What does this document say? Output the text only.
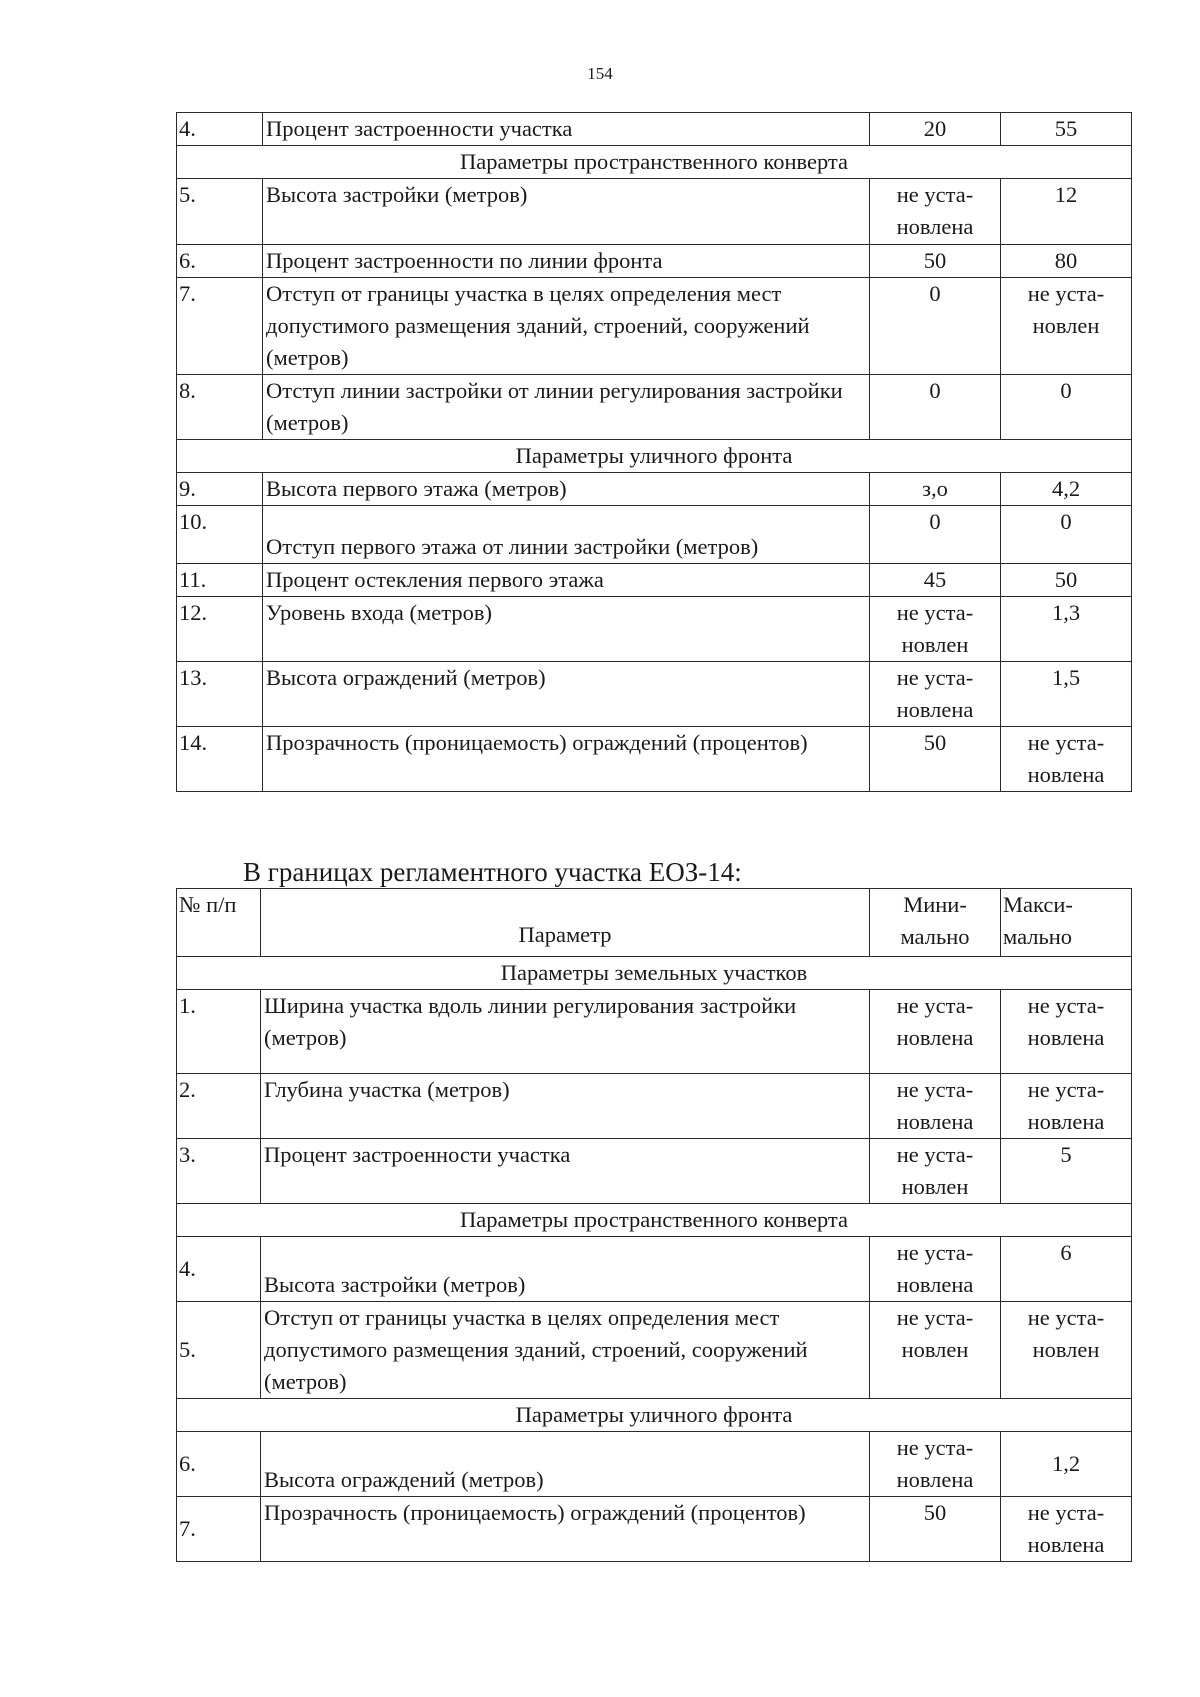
154
4.	Процент застроенности участка	20	55

Параметры пространственного конверта			
5.	Высота застройки (метров)	не уста-
новлена	12

6.	Процент застроенности по линии фронта	50	80

7.	Отступ от границы участка в целях определения мест допустимого размещения зданий, строений, сооружений (метров)	0	не уста-
новлен

8.	Отступ линии застройки от линии регулирования застройки (метров)	0	0

Параметры уличного фронта			
9.	Высота первого этажа (метров)	з,о	4,2

10.	Отступ первого этажа от линии застройки (метров)	0	0

11.	Процент остекления первого этажа	45	50

12.	Уровень входа (метров)	не уста-
новлен	1,3

13.	Высота ограждений (метров)	не уста-
новлена	1,5

14.	Прозрачность (проницаемость) ограждений (процентов)	50	не уста-
новлена
В границах регламентного участка ЕОЗ-14:
№ п/п	Параметр	Мини-
мально	Макси-
мально

Параметры земельных участков			
1.	Ширина участка вдоль линии регулирования застройки (метров)	не уста-
новлена	не уста-
новлена

2.	Глубина участка (метров)	не уста-
новлена	не уста-
новлена

3.	Процент застроенности участка	не уста-
новлен	5

Параметры пространственного конверта			
4.	Высота застройки (метров)	не уста-
новлена	6

5.	Отступ от границы участка в целях определения мест допустимого размещения зданий, строений, сооружений (метров)	не уста-
новлен	не уста-
новлен

Параметры уличного фронта			
6.	Высота ограждений (метров)	не уста-
новлена	1,2

7.	Прозрачность (проницаемость) ограждений (процентов)	50	не уста-
новлена
